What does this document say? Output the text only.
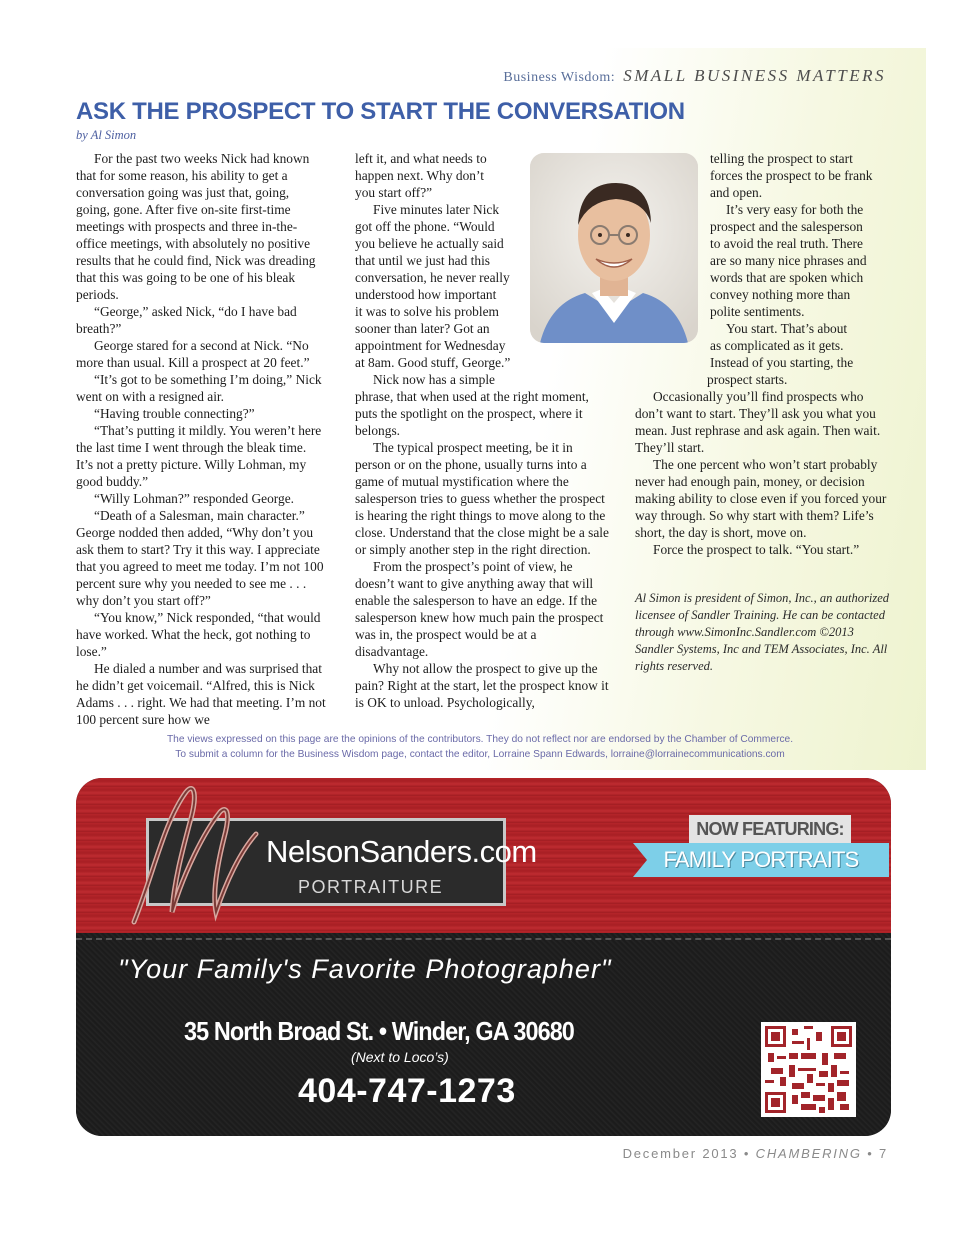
Business Wisdom: SMALL BUSINESS MATTERS
ASK THE PROSPECT TO START THE CONVERSATION
by Al Simon

For the past two weeks Nick had known that for some reason, his ability to get a conversation going was just that, going, going, gone. After five on-site first-time meetings with prospects and three in-the-office meetings, with absolutely no positive results that he could find, Nick was dreading that this was going to be one of his bleak periods.

“George,” asked Nick, “do I have bad breath?”

George stared for a second at Nick. “No more than usual. Kill a prospect at 20 feet.”

“It’s got to be something I’m doing,” Nick went on with a resigned air.

“Having trouble connecting?”

“That’s putting it mildly. You weren’t here the last time I went through the bleak time. It’s not a pretty picture. Willy Lohman, my good buddy.”

“Willy Lohman?” responded George.

“Death of a Salesman, main character.” George nodded then added, “Why don’t you ask them to start? Try it this way. I appreciate that you agreed to meet me today. I’m not 100 percent sure why you needed to see me . . . why don’t you start off?”

“You know,” Nick responded, “that would have worked. What the heck, got nothing to lose.”

He dialed a number and was surprised that he didn’t get voicemail. “Alfred, this is Nick Adams . . . right. We had that meeting. I’m not 100 percent sure how we

left it, and what needs to
happen next. Why don’t
you start off?”
Five minutes later Nick
got off the phone. “Would
you believe he actually said
that until we just had this
conversation, he never really
understood how important
it was to solve his problem
sooner than later? Got an
appointment for Wednesday
at 8am. Good stuff, George.”
Nick now has a simple

phrase, that when used at the right moment, puts the spotlight on the prospect, where it belongs.

The typical prospect meeting, be it in person or on the phone, usually turns into a game of mutual mystification where the salesperson tries to guess whether the prospect is hearing the right things to move along to the close. Understand that the close might be a sale or simply another step in the right direction.

From the prospect’s point of view, he doesn’t want to give anything away that will enable the salesperson to have an edge. If the salesperson knew how much pain the prospect was in, the prospect would be at a disadvantage.

Why not allow the prospect to give up the pain? Right at the start, let the prospect know it is OK to unload. Psychologically,

telling the prospect to start
forces the prospect to be frank
and open.
It’s very easy for both the
prospect and the salesperson
to avoid the real truth. There
are so many nice phrases and
words that are spoken which
convey nothing more than
polite sentiments.
You start. That’s about
as complicated as it gets.
Instead of you starting, the
prospect starts.

Occasionally you’ll find prospects who don’t want to start. They’ll ask you what you mean. Just rephrase and ask again. Then wait. They’ll start.

The one percent who won’t start probably never had enough pain, money, or decision making ability to close even if you forced your way through. So why start with them? Life’s short, the day is short, move on.

Force the prospect to talk. “You start.”

Al Simon is president of Simon, Inc., an authorized licensee of Sandler Training. He can be contacted through www.SimonInc.Sandler.com ©2013 Sandler Systems, Inc and TEM Associates, Inc. All rights reserved.
The views expressed on this page are the opinions of the contributors. They do not reflect nor are endorsed by the Chamber of Commerce.
To submit a column for the Business Wisdom page, contact the editor, Lorraine Spann Edwards, lorraine@lorrainecommunications.com
NelsonSanders.com
PORTRAITURE
NOW FEATURING:
FAMILY PORTRAITS
"Your Family's Favorite Photographer"
35 North Broad St. • Winder, GA 30680
(Next to Loco’s)
404-747-1273
December 2013 • CHAMBERING • 7
